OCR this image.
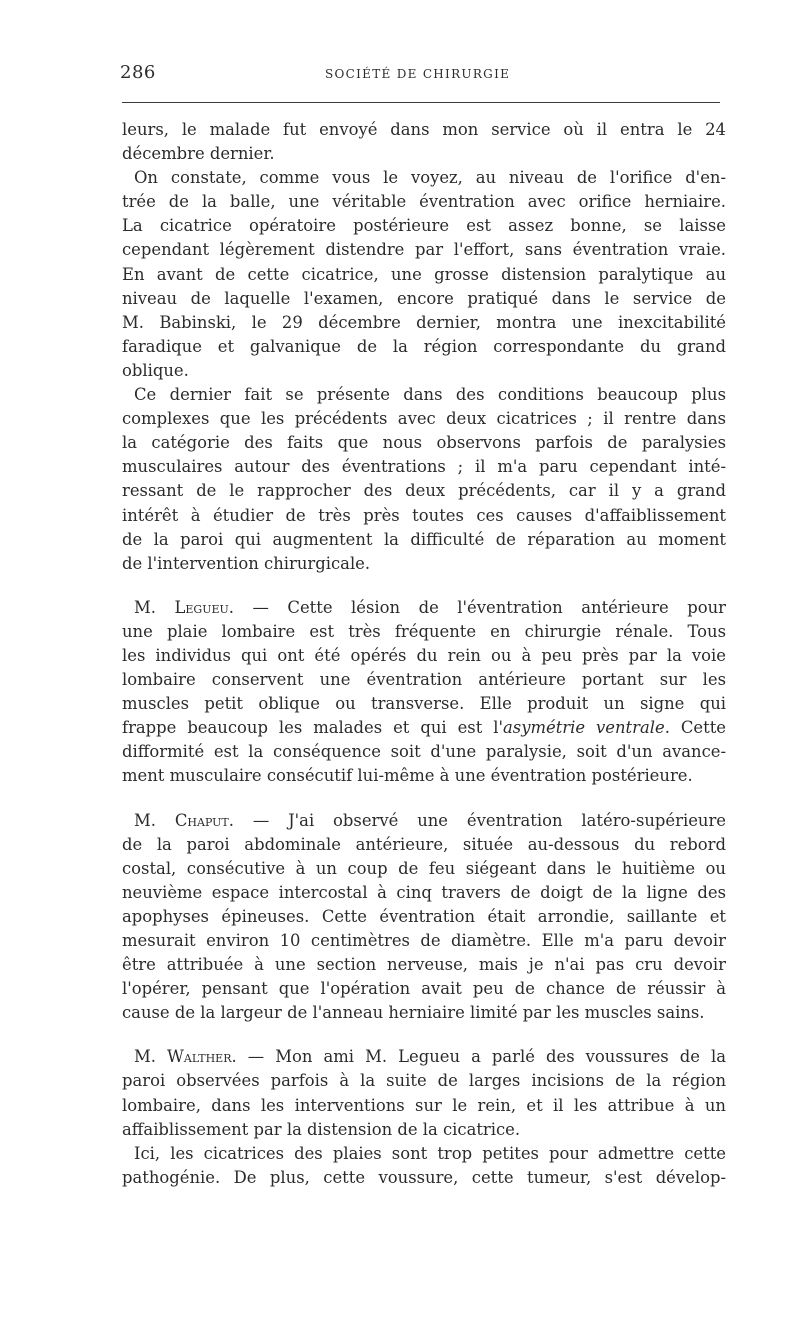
286	SOCIÉTÉ DE CHIRURGIE
leurs, le malade fut envoyé dans mon service où il entra le 24
décembre dernier.
On constate, comme vous le voyez, au niveau de l'orifice d'en-
trée de la balle, une véritable éventration avec orifice herniaire.
La cicatrice opératoire postérieure est assez bonne, se laisse
cependant légèrement distendre par l'effort, sans éventration vraie.
En avant de cette cicatrice, une grosse distension paralytique au
niveau de laquelle l'examen, encore pratiqué dans le service de
M. Babinski, le 29 décembre dernier, montra une inexcitabilité
faradique et galvanique de la région correspondante du grand
oblique.
Ce dernier fait se présente dans des conditions beaucoup plus
complexes que les précédents avec deux cicatrices ; il rentre dans
la catégorie des faits que nous observons parfois de paralysies
musculaires autour des éventrations ; il m'a paru cependant inté-
ressant de le rapprocher des deux précédents, car il y a grand
intérêt à étudier de très près toutes ces causes d'affaiblissement
de la paroi qui augmentent la difficulté de réparation au moment
de l'intervention chirurgicale.
M. Legueu. — Cette lésion de l'éventration antérieure pour
une plaie lombaire est très fréquente en chirurgie rénale. Tous
les individus qui ont été opérés du rein ou à peu près par la voie
lombaire conservent une éventration antérieure portant sur les
muscles petit oblique ou transverse. Elle produit un signe qui
frappe beaucoup les malades et qui est l'asymétrie ventrale. Cette
difformité est la conséquence soit d'une paralysie, soit d'un avance-
ment musculaire consécutif lui-même à une éventration postérieure.
M. Chaput. — J'ai observé une éventration latéro-supérieure
de la paroi abdominale antérieure, située au-dessous du rebord
costal, consécutive à un coup de feu siégeant dans le huitième ou
neuvième espace intercostal à cinq travers de doigt de la ligne des
apophyses épineuses. Cette éventration était arrondie, saillante et
mesurait environ 10 centimètres de diamètre. Elle m'a paru devoir
être attribuée à une section nerveuse, mais je n'ai pas cru devoir
l'opérer, pensant que l'opération avait peu de chance de réussir à
cause de la largeur de l'anneau herniaire limité par les muscles sains.
M. Walther. — Mon ami M. Legueu a parlé des voussures de la
paroi observées parfois à la suite de larges incisions de la région
lombaire, dans les interventions sur le rein, et il les attribue à un
affaiblissement par la distension de la cicatrice.
Ici, les cicatrices des plaies sont trop petites pour admettre cette
pathogénie. De plus, cette voussure, cette tumeur, s'est dévelop-
